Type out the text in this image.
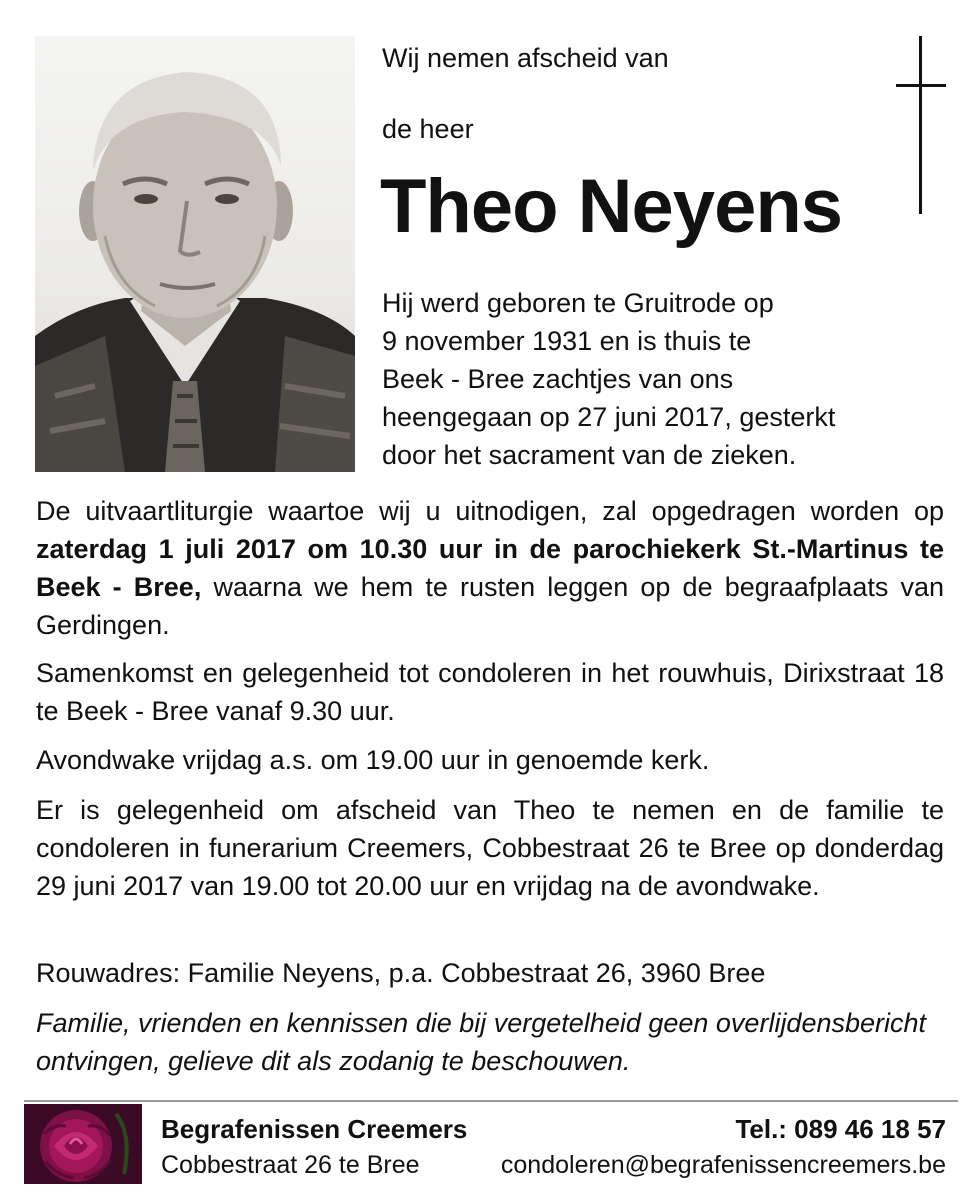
Wij nemen afscheid van
de heer
Theo Neyens
Hij werd geboren te Gruitrode op
9 november 1931 en is thuis te
Beek - Bree zachtjes van ons
heengegaan op 27 juni 2017, gesterkt
door het sacrament van de zieken.
De uitvaartliturgie waartoe wij u uitnodigen, zal opgedragen worden op zaterdag 1 juli 2017 om 10.30 uur in de parochiekerk St.-Martinus te Beek - Bree, waarna we hem te rusten leggen op de begraafplaats van Gerdingen.
Samenkomst en gelegenheid tot condoleren in het rouwhuis, Dirixstraat 18 te Beek - Bree vanaf 9.30 uur.
Avondwake vrijdag a.s. om 19.00 uur in genoemde kerk.
Er is gelegenheid om afscheid van Theo te nemen en de familie te condoleren in funerarium Creemers, Cobbestraat 26 te Bree op donderdag 29 juni 2017 van 19.00 tot 20.00 uur en vrijdag na de avondwake.
Rouwadres: Familie Neyens, p.a. Cobbestraat 26, 3960 Bree
Familie, vrienden en kennissen die bij vergetelheid geen overlijdensbericht ontvingen, gelieve dit als zodanig te beschouwen.
Begrafenissen Creemers
Cobbestraat 26 te Bree
Tel.: 089 46 18 57
condoleren@begrafenissencreemers.be
